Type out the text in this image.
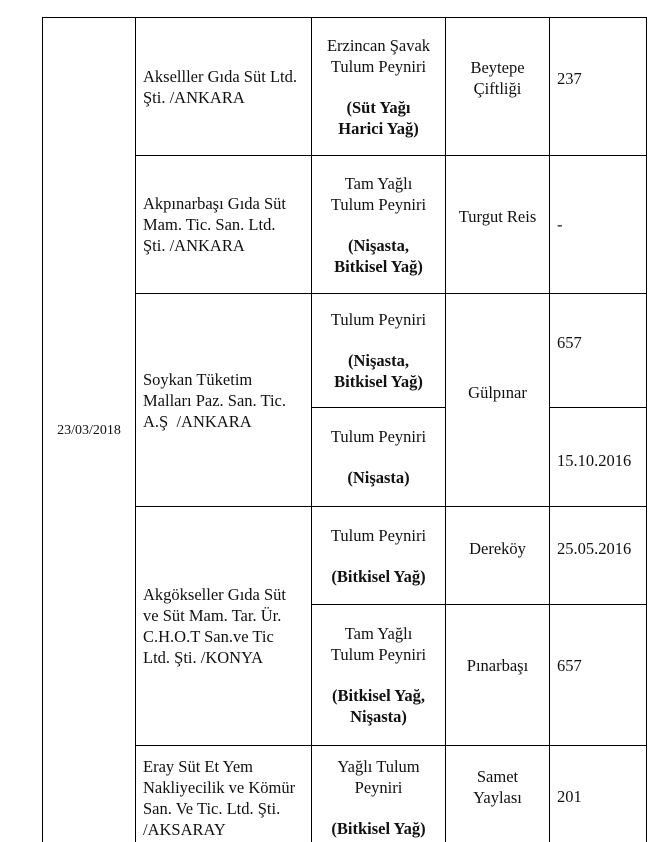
23/03/2018
Akselller Gıda Süt Ltd.
Şti. /ANKARA
Erzincan Şavak
Tulum Peyniri
(Süt Yağı
Harici Yağ)
Beytepe
Çiftliği
237
Akpınarbaşı Gıda Süt
Mam. Tic. San. Ltd.
Şti. /ANKARA
Tam Yağlı
Tulum Peyniri
(Nişasta,
Bitkisel Yağ)
Turgut Reis -
Soykan Tüketim
Malları Paz. San. Tic.
A.Ş  /ANKARA
Tulum Peyniri
(Nişasta,
Bitkisel Yağ)
Tulum Peyniri
(Nişasta)
Gülpınar
657
15.10.2016
Akgökseller Gıda Süt
ve Süt Mam. Tar. Ür.
C.H.O.T San.ve Tic
Ltd. Şti. /KONYA
Tulum Peyniri
(Bitkisel Yağ)
Dereköy 25.05.2016
Tam Yağlı
Tulum Peyniri
(Bitkisel Yağ,
Nişasta)
Pınarbaşı 657
Eray Süt Et Yem
Nakliyecilik ve Kömür
San. Ve Tic. Ltd. Şti.
/AKSARAY
Yağlı Tulum
Peyniri
(Bitkisel Yağ)
Samet
Yaylası 201
